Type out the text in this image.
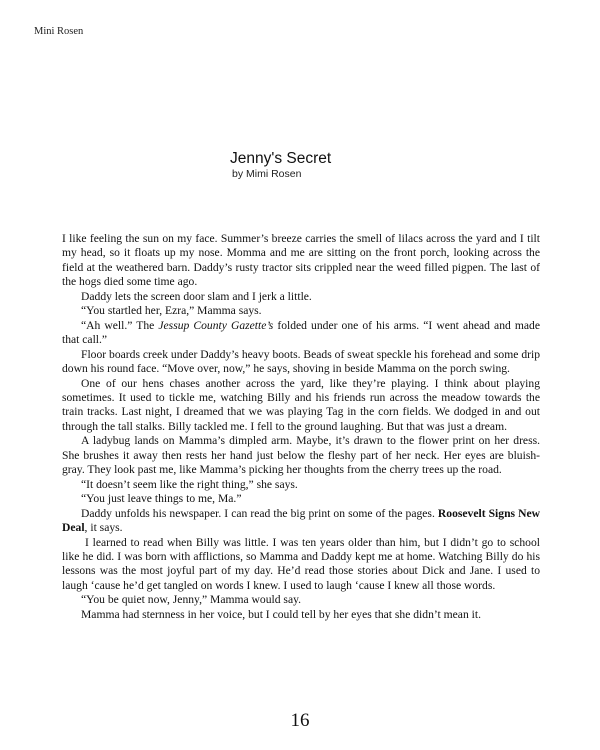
Mini Rosen
Jenny's Secret
by Mimi Rosen

I like feeling the sun on my face. Summer’s breeze carries the smell of lilacs across the yard and I tilt my head, so it floats up my nose. Momma and me are sitting on the front porch, looking across the field at the weathered barn. Daddy’s rusty tractor sits crippled near the weed filled pigpen. The last of the hogs died some time ago.

Daddy lets the screen door slam and I jerk a little.

“You startled her, Ezra,” Mamma says.

“Ah well.” The Jessup County Gazette’s folded under one of his arms. “I went ahead and made that call.”

Floor boards creek under Daddy’s heavy boots. Beads of sweat speckle his forehead and some drip down his round face. “Move over, now,” he says, shoving in beside Mamma on the porch swing.

One of our hens chases another across the yard, like they’re playing. I think about playing sometimes. It used to tickle me, watching Billy and his friends run across the meadow towards the train tracks. Last night, I dreamed that we was playing Tag in the corn fields. We dodged in and out through the tall stalks. Billy tackled me. I fell to the ground laughing. But that was just a dream.

A ladybug lands on Mamma’s dimpled arm. Maybe, it’s drawn to the flower print on her dress. She brushes it away then rests her hand just below the fleshy part of her neck. Her eyes are bluish-gray. They look past me, like Mamma’s picking her thoughts from the cherry trees up the road.

“It doesn’t seem like the right thing,” she says.

“You just leave things to me, Ma.”

Daddy unfolds his newspaper. I can read the big print on some of the pages. Roosevelt Signs New Deal, it says.

I learned to read when Billy was little. I was ten years older than him, but I didn’t go to school like he did. I was born with afflictions, so Mamma and Daddy kept me at home. Watching Billy do his lessons was the most joyful part of my day. He’d read those stories about Dick and Jane. I used to laugh ‘cause he’d get tangled on words I knew. I used to laugh ‘cause I knew all those words.

“You be quiet now, Jenny,” Mamma would say.

Mamma had sternness in her voice, but I could tell by her eyes that she didn’t mean it.

16
